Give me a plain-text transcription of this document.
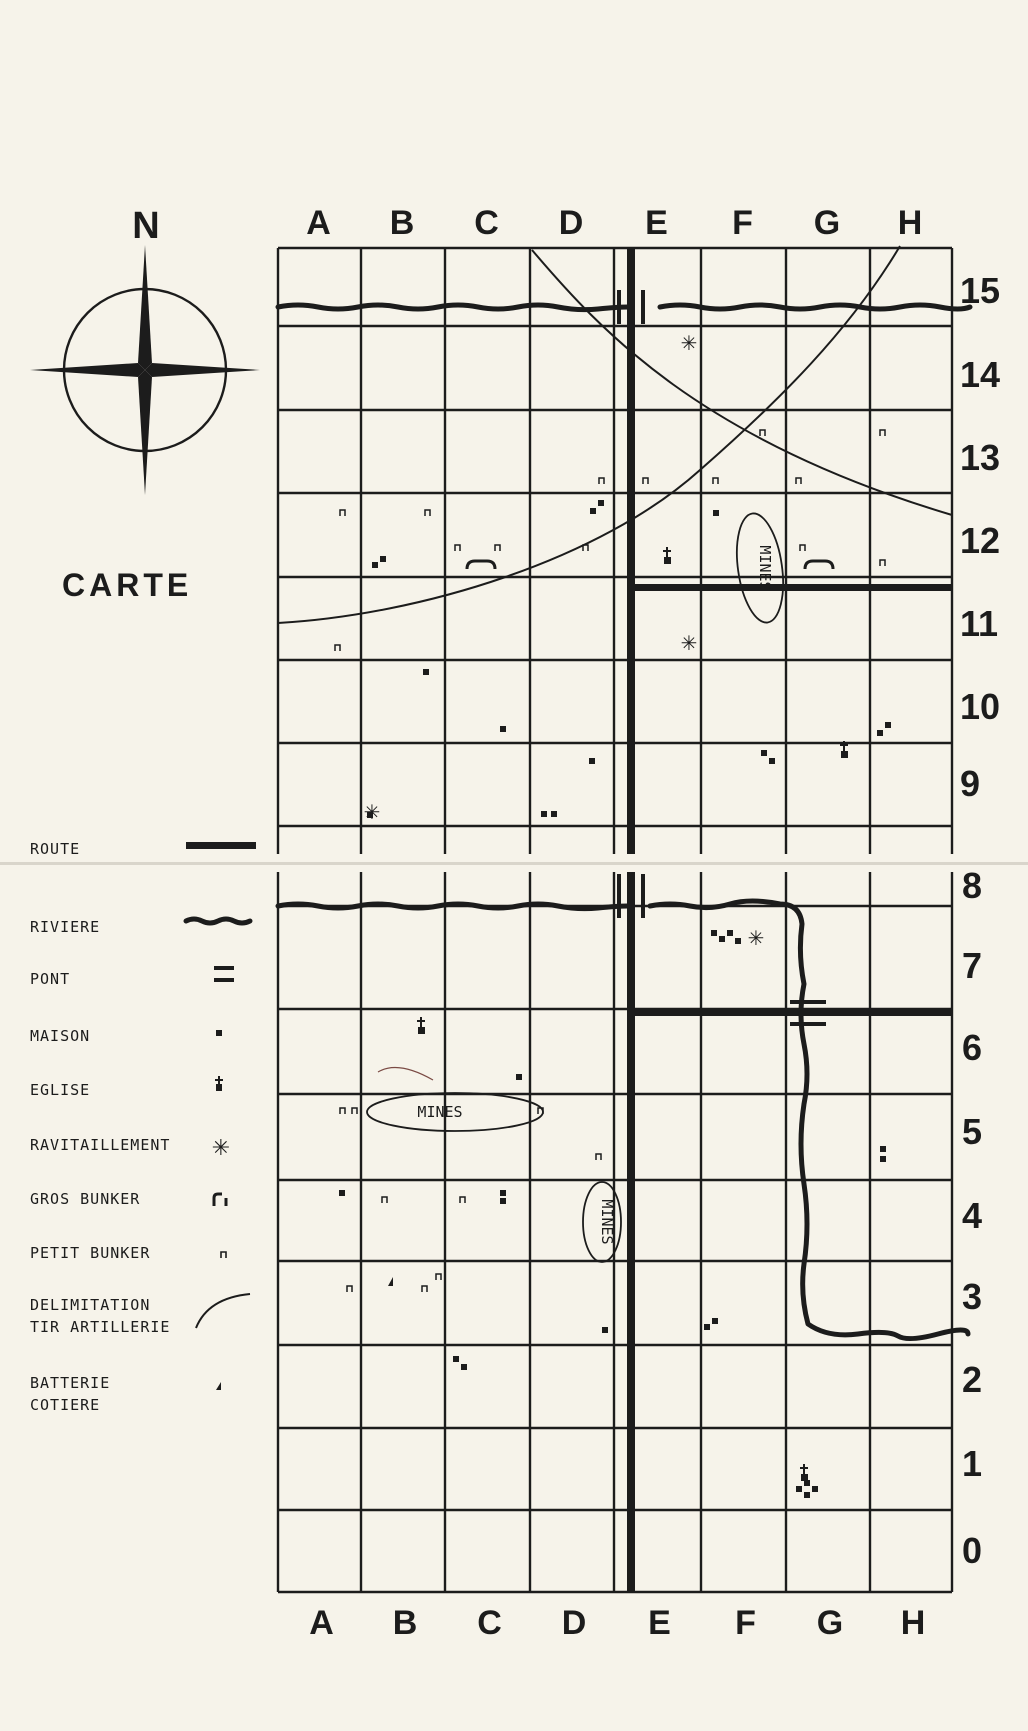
N
CARTE
ROUTE
RIVIERE
PONT
MAISON
EGLISE
RAVITAILLEMENT ✳
GROS BUNKER
PETIT BUNKER
DELIMITATION
TIR ARTILLERIE
BATTERIE
COTIERE
A B C D E F G H
A B C D E F G H
15
14
13
12
11
10
9
8
7
6
5
4
3
2
1
0
MINES
MINES
MINES
✳
✳
✳
✳
